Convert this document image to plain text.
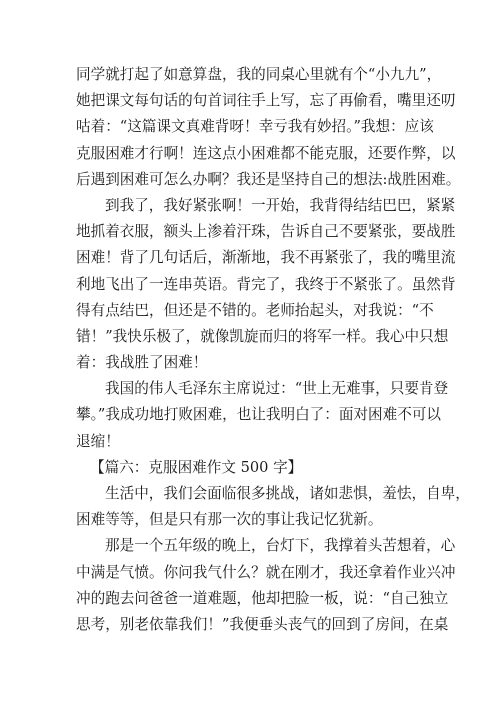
同学就打起了如意算盘，我的同桌心里就有个“小九九”，
她把课文每句话的句首词往手上写，忘了再偷看，嘴里还叨
咕着：“这篇课文真难背呀！幸亏我有妙招。”我想：应该
克服困难才行啊！连这点小困难都不能克服，还要作弊，以
后遇到困难可怎么办啊？我还是坚持自己的想法:战胜困难。
到我了，我好紧张啊！一开始，我背得结结巴巴，紧紧
地抓着衣服，额头上渗着汗珠，告诉自己不要紧张，要战胜
困难！背了几句话后，渐渐地，我不再紧张了，我的嘴里流
利地飞出了一连串英语。背完了，我终于不紧张了。虽然背
得有点结巴，但还是不错的。老师抬起头，对我说：“不
错！”我快乐极了，就像凯旋而归的将军一样。我心中只想
着：我战胜了困难！
我国的伟人毛泽东主席说过：“世上无难事，只要肯登
攀。”我成功地打败困难，也让我明白了：面对困难不可以
退缩！
【篇六：克服困难作文 500 字】
生活中，我们会面临很多挑战，诸如悲惧，羞怯，自卑，
困难等等，但是只有那一次的事让我记忆犹新。
那是一个五年级的晚上，台灯下，我撑着头苦想着，心
中满是气愤。你问我气什么？就在刚才，我还拿着作业兴冲
冲的跑去问爸爸一道难题，他却把脸一板，说：“自己独立
思考，别老依靠我们！”我便垂头丧气的回到了房间，在桌
